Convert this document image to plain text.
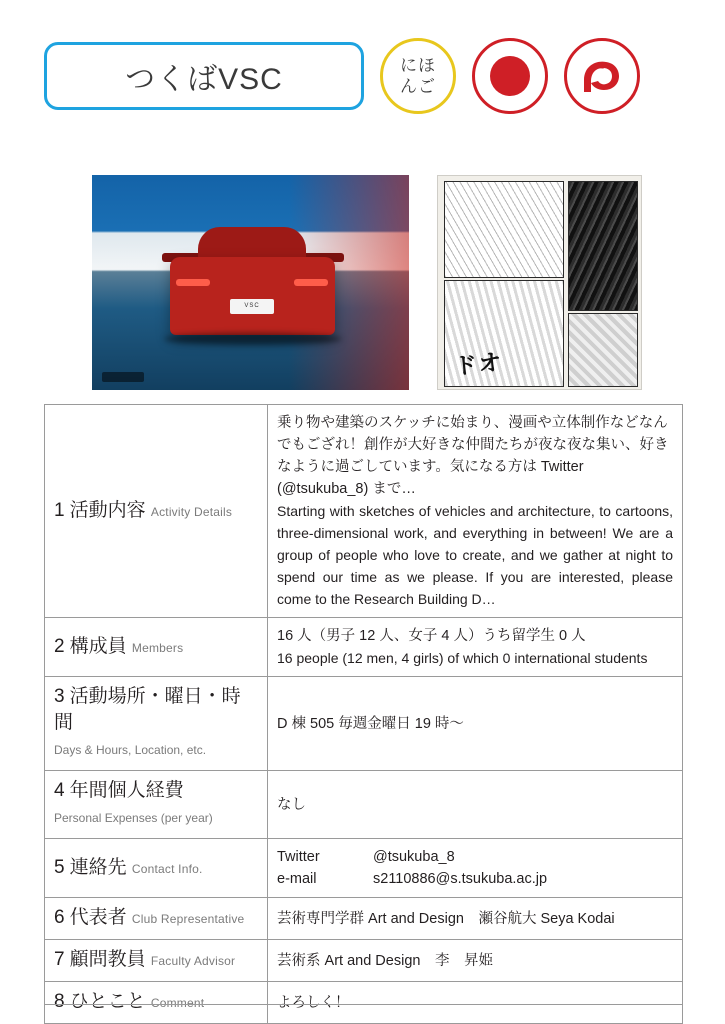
つくばVSC	にほ
んご
VSC
ドオ
1 活動内容 Activity Details	乗り物や建築のスケッチに始まり、漫画や立体制作などなんでもござれ！創作が大好きな仲間たちが夜な夜な集い、好きなように過ごしています。気になる方は Twitter (@tsukuba_8) まで…
Starting with sketches of vehicles and architecture, to cartoons, three-dimensional work, and everything in between! We are a group of people who love to create, and we gather at night to spend our time as we please. If you are interested, please come to the Research Building D…

2 構成員 Members	16 人（男子 12 人、女子 4 人）うち留学生 0 人
16 people (12 men, 4 girls) of which 0 international students

3 活動場所・曜日・時間
Days & Hours, Location, etc.	D 棟 505 毎週金曜日 19 時〜

4 年間個人経費
Personal Expenses (per year)	なし

5 連絡先 Contact Info.	Twitter @tsukuba_8
e-mail s2110886@s.tsukuba.ac.jp

6 代表者 Club Representative	芸術専門学群 Art and Design　瀬谷航大 Seya Kodai

7 顧問教員 Faculty Advisor	芸術系 Art and Design　李　昇姫

8 ひとこと Comment	よろしく！
